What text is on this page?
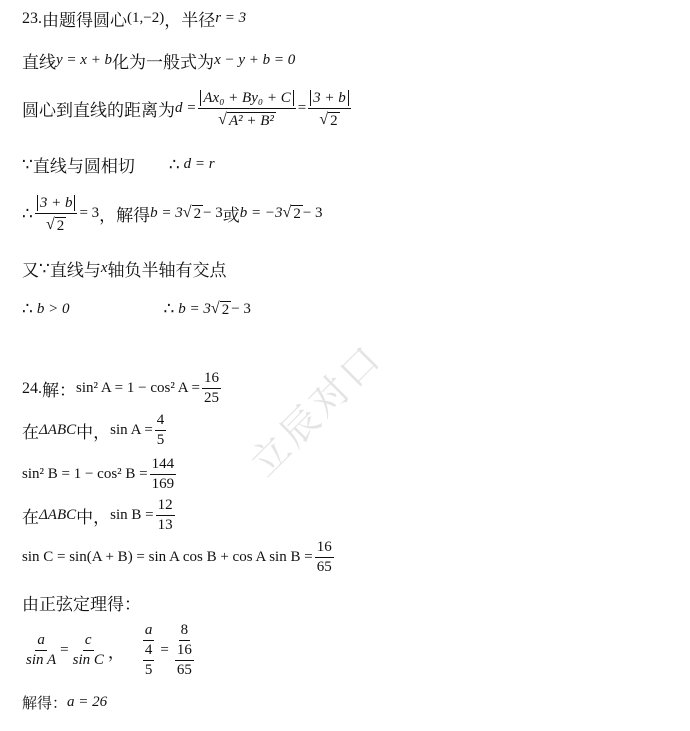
立辰对口
23. 由题得圆心 (1,−2) ，半径 r = 3
直线 y = x + b 化为一般式为 x − y + b = 0
圆心到直线的距离为 $d = \frac{\text{Ax₀ + By₀ + C}}{\text{√ A² + B²}} = \frac{3 + b}{√ 2}$
∵ 直线与圆相切 ∴ d = r
∴ $\frac{3 + b}{√ 2} = 3$ ，解得 b = 3 √ 2 − 3 或 b = −3 √ 2 − 3
又 ∵ 直线与 x 轴负半轴有交点
∴ b > 0	∴ b = 3 √ 2 − 3
24. 解： sin² A = 1 − cos² $A = \frac{16}{25}$
在 ΔABC 中， $\sin A = \frac{4}{5}$
sin² B = 1 − cos² $B = \frac{144}{169}$
在 ΔABC 中， $\sin B = \frac{12}{13}$
sin C = sin(A + B) = sin A cos B + cos A $\sin B = \frac{16}{65}$
由正弦定理得：
$\frac{a}{\text{sin A}} = \frac{c}{\text{sin C}}$ ， $\frac{a}{\frac{4}{5}} = \frac{8}{\frac{16}{65}}$
解得： a = 26
